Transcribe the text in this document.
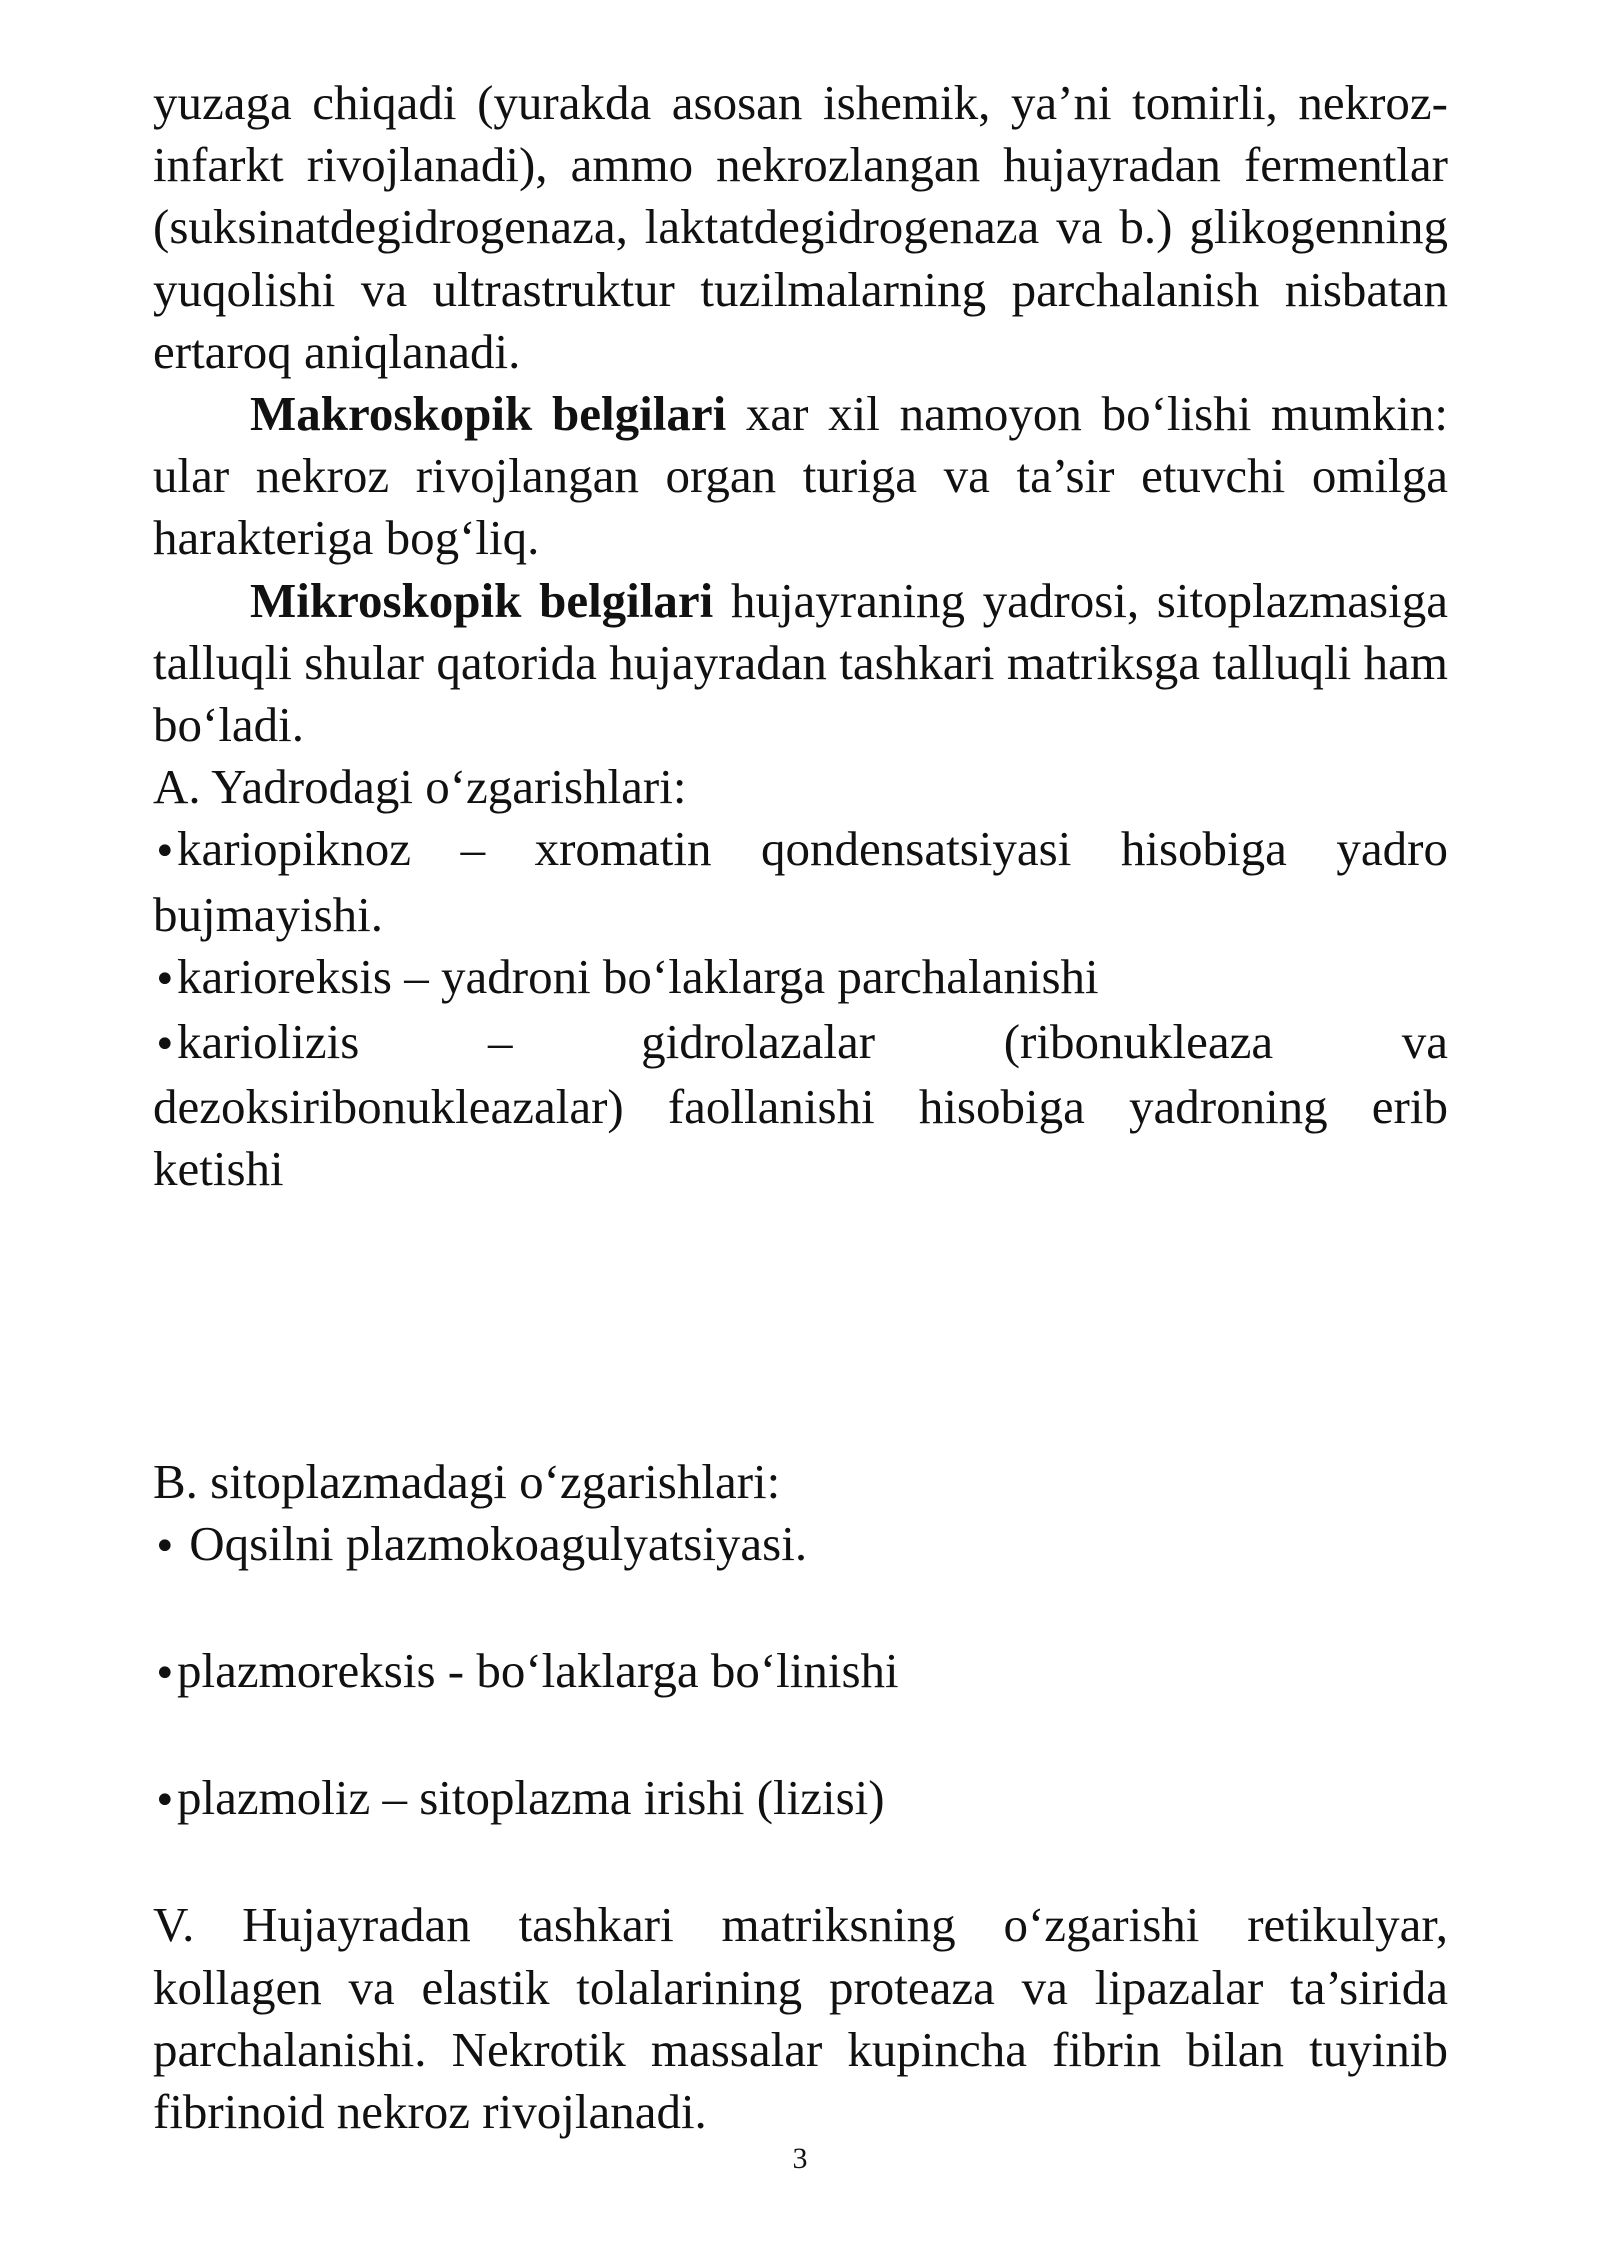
yuzaga chiqadi (yurakda asosan ishemik, ya’ni tomirli, nekroz-infarkt rivojlanadi), ammo nekrozlangan hujayradan fermentlar (suksinatdegidrogenaza, laktatdegidrogenaza va b.) glikogenning yuqolishi va ultrastruktur tuzilmalarning parchalanish nisbatan ertaroq aniqlanadi.

Makroskopik belgilari xar xil namoyon bo‘lishi mumkin: ular nekroz rivojlangan organ turiga va ta’sir etuvchi omilga harakteriga bog‘liq.

Mikroskopik belgilari hujayraning yadrosi, sitoplazmasiga talluqli shular qatorida hujayradan tashkari matriksga talluqli ham bo‘ladi.

A. Yadrodagi o‘zgarishlari:

•kariopiknoz – xromatin qondensatsiyasi hisobiga yadro bujmayishi.

•karioreksis – yadroni bo‘laklarga parchalanishi

•kariolizis – gidrolazalar (ribonukleaza va dezoksiribonukleazalar) faollanishi hisobiga yadroning erib ketishi

B. sitoplazmadagi o‘zgarishlari:

• Oqsilni plazmokoagulyatsiyasi.

•plazmoreksis - bo‘laklarga bo‘linishi

•plazmoliz – sitoplazma irishi (lizisi)

V. Hujayradan tashkari matriksning o‘zgarishi retikulyar, kollagen va elastik tolalarining proteaza va lipazalar ta’sirida parchalanishi. Nekrotik massalar kupincha fibrin bilan tuyinib fibrinoid nekroz rivojlanadi.

3
